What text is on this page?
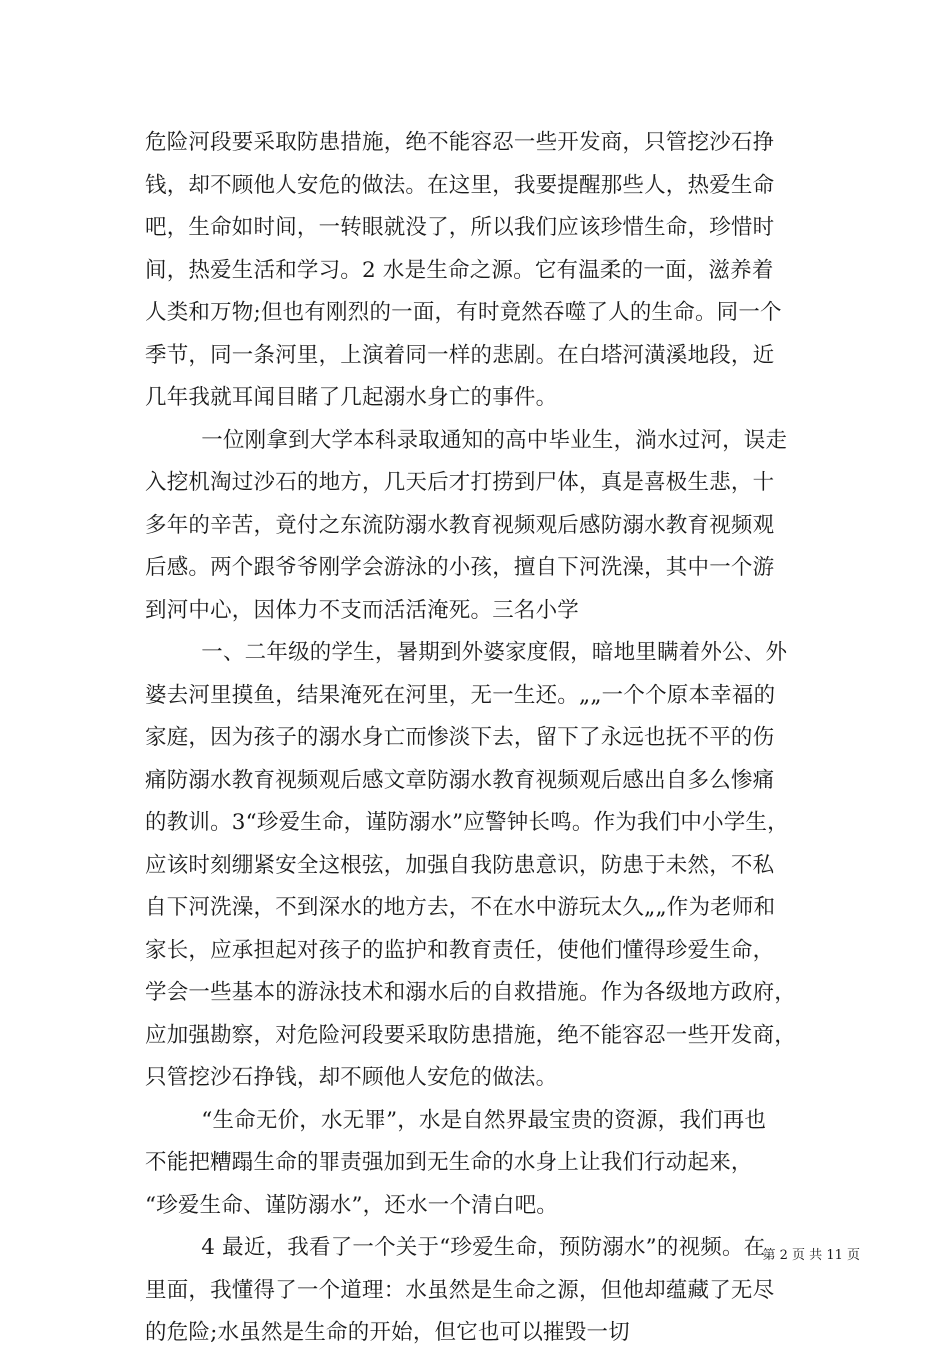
危险河段要采取防患措施，绝不能容忍一些开发商，只管挖沙石挣
钱，却不顾他人安危的做法。在这里，我要提醒那些人，热爱生命
吧，生命如时间，一转眼就没了，所以我们应该珍惜生命，珍惜时
间，热爱生活和学习。2 水是生命之源。它有温柔的一面，滋养着
人类和万物;但也有刚烈的一面，有时竟然吞噬了人的生命。同一个
季节，同一条河里，上演着同一样的悲剧。在白塔河潢溪地段，近
几年我就耳闻目睹了几起溺水身亡的事件。
一位刚拿到大学本科录取通知的高中毕业生，淌水过河，误走
入挖机淘过沙石的地方，几天后才打捞到尸体，真是喜极生悲，十
多年的辛苦，竟付之东流防溺水教育视频观后感防溺水教育视频观
后感。两个跟爷爷刚学会游泳的小孩，擅自下河洗澡，其中一个游
到河中心，因体力不支而活活淹死。三名小学
一、二年级的学生，暑期到外婆家度假，暗地里瞒着外公、外
婆去河里摸鱼，结果淹死在河里，无一生还。„„一个个原本幸福的
家庭，因为孩子的溺水身亡而惨淡下去，留下了永远也抚不平的伤
痛防溺水教育视频观后感文章防溺水教育视频观后感出自多么惨痛
的教训。3“珍爱生命，谨防溺水”应警钟长鸣。作为我们中小学生，
应该时刻绷紧安全这根弦，加强自我防患意识，防患于未然，不私
自下河洗澡，不到深水的地方去，不在水中游玩太久„„作为老师和
家长，应承担起对孩子的监护和教育责任，使他们懂得珍爱生命，
学会一些基本的游泳技术和溺水后的自救措施。作为各级地方政府，
应加强勘察，对危险河段要采取防患措施，绝不能容忍一些开发商，
只管挖沙石挣钱，却不顾他人安危的做法。
“生命无价，水无罪”，水是自然界最宝贵的资源，我们再也
不能把糟蹋生命的罪责强加到无生命的水身上让我们行动起来，
“珍爱生命、谨防溺水”，还水一个清白吧。
4 最近，我看了一个关于“珍爱生命，预防溺水”的视频。在
里面，我懂得了一个道理：水虽然是生命之源，但他却蕴藏了无尽
的危险;水虽然是生命的开始，但它也可以摧毁一切
第 2 页 共 11 页
